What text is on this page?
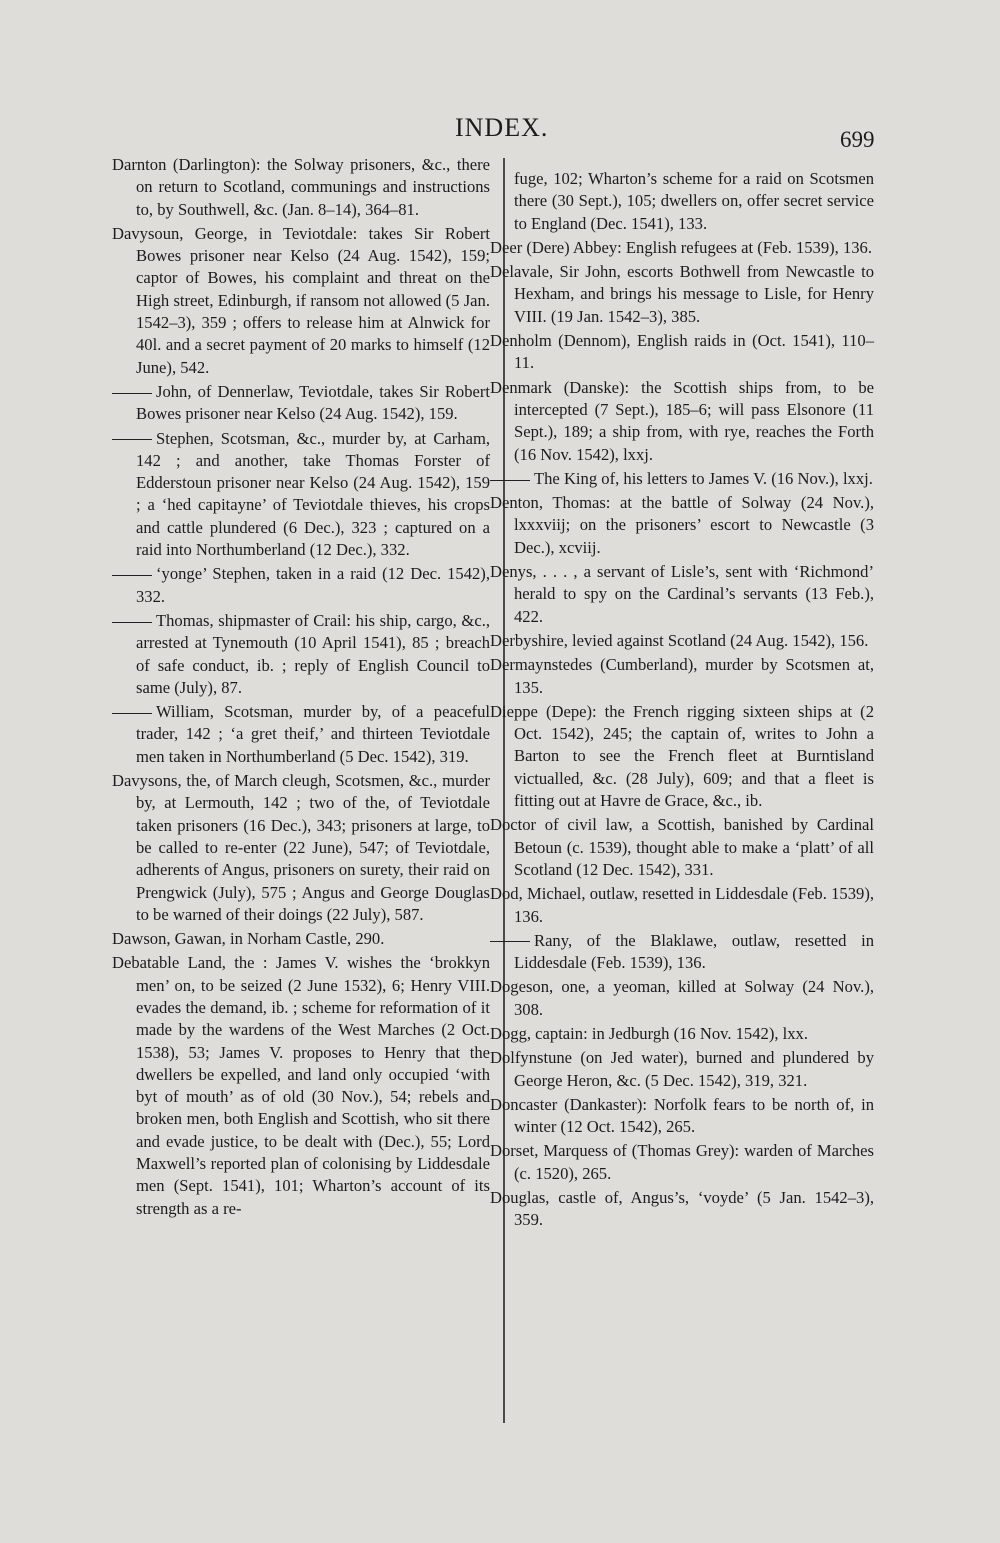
INDEX.	699

Darnton (Darlington): the Solway prisoners, &c., there on return to Scotland, communings and instructions to, by Southwell, &c. (Jan. 8–14), 364–81.

Davysoun, George, in Teviotdale: takes Sir Robert Bowes prisoner near Kelso (24 Aug. 1542), 159; captor of Bowes, his complaint and threat on the High street, Edinburgh, if ransom not allowed (5 Jan. 1542–3), 359 ; offers to release him at Alnwick for 40l. and a secret payment of 20 marks to himself (12 June), 542.

John, of Dennerlaw, Teviotdale, takes Sir Robert Bowes prisoner near Kelso (24 Aug. 1542), 159.

Stephen, Scotsman, &c., murder by, at Carham, 142 ; and another, take Thomas Forster of Edderstoun prisoner near Kelso (24 Aug. 1542), 159 ; a ‘hed capitayne’ of Teviotdale thieves, his crops and cattle plundered (6 Dec.), 323 ; captured on a raid into Northumberland (12 Dec.), 332.

‘yonge’ Stephen, taken in a raid (12 Dec. 1542), 332.

Thomas, shipmaster of Crail: his ship, cargo, &c., arrested at Tynemouth (10 April 1541), 85 ; breach of safe conduct, ib. ; reply of English Council to same (July), 87.

William, Scotsman, murder by, of a peaceful trader, 142 ; ‘a gret theif,’ and thirteen Teviotdale men taken in Northumberland (5 Dec. 1542), 319.

Davysons, the, of March cleugh, Scotsmen, &c., murder by, at Lermouth, 142 ; two of the, of Teviotdale taken prisoners (16 Dec.), 343; prisoners at large, to be called to re-enter (22 June), 547; of Teviotdale, adherents of Angus, prisoners on surety, their raid on Prengwick (July), 575 ; Angus and George Douglas to be warned of their doings (22 July), 587.

Dawson, Gawan, in Norham Castle, 290.

Debatable Land, the : James V. wishes the ‘brokkyn men’ on, to be seized (2 June 1532), 6; Henry VIII. evades the demand, ib. ; scheme for reformation of it made by the wardens of the West Marches (2 Oct. 1538), 53; James V. proposes to Henry that the dwellers be expelled, and land only occupied ‘with byt of mouth’ as of old (30 Nov.), 54; rebels and broken men, both English and Scottish, who sit there and evade justice, to be dealt with (Dec.), 55; Lord Maxwell’s reported plan of colonising by Liddesdale men (Sept. 1541), 101; Wharton’s account of its strength as a re-

fuge, 102; Wharton’s scheme for a raid on Scotsmen there (30 Sept.), 105; dwellers on, offer secret service to England (Dec. 1541), 133.

Deer (Dere) Abbey: English refugees at (Feb. 1539), 136.

Delavale, Sir John, escorts Bothwell from Newcastle to Hexham, and brings his message to Lisle, for Henry VIII. (19 Jan. 1542–3), 385.

Denholm (Dennom), English raids in (Oct. 1541), 110–11.

Denmark (Danske): the Scottish ships from, to be intercepted (7 Sept.), 185–6; will pass Elsonore (11 Sept.), 189; a ship from, with rye, reaches the Forth (16 Nov. 1542), lxxj.

The King of, his letters to James V. (16 Nov.), lxxj.

Denton, Thomas: at the battle of Solway (24 Nov.), lxxxviij; on the prisoners’ escort to Newcastle (3 Dec.), xcviij.

Denys, . . . , a servant of Lisle’s, sent with ‘Richmond’ herald to spy on the Cardinal’s servants (13 Feb.), 422.

Derbyshire, levied against Scotland (24 Aug. 1542), 156.

Dermaynstedes (Cumberland), murder by Scotsmen at, 135.

Dieppe (Depe): the French rigging sixteen ships at (2 Oct. 1542), 245; the captain of, writes to John a Barton to see the French fleet at Burntisland victualled, &c. (28 July), 609; and that a fleet is fitting out at Havre de Grace, &c., ib.

Doctor of civil law, a Scottish, banished by Cardinal Betoun (c. 1539), thought able to make a ‘platt’ of all Scotland (12 Dec. 1542), 331.

Dod, Michael, outlaw, resetted in Liddesdale (Feb. 1539), 136.

Rany, of the Blaklawe, outlaw, resetted in Liddesdale (Feb. 1539), 136.

Dogeson, one, a yeoman, killed at Solway (24 Nov.), 308.

Dogg, captain: in Jedburgh (16 Nov. 1542), lxx.

Dolfynstune (on Jed water), burned and plundered by George Heron, &c. (5 Dec. 1542), 319, 321.

Doncaster (Dankaster): Norfolk fears to be north of, in winter (12 Oct. 1542), 265.

Dorset, Marquess of (Thomas Grey): warden of Marches (c. 1520), 265.

Douglas, castle of, Angus’s, ‘voyde’ (5 Jan. 1542–3), 359.
